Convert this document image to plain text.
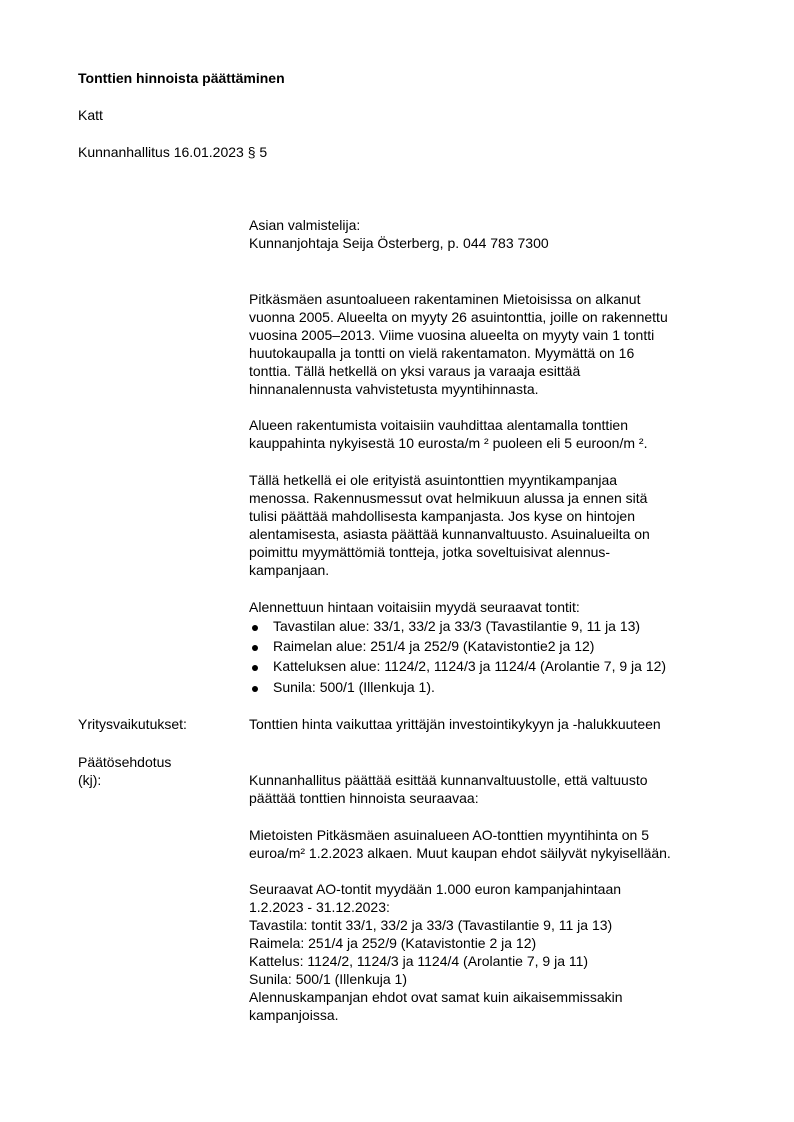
Tonttien hinnoista päättäminen
Katt
Kunnanhallitus 16.01.2023 § 5
Asian valmistelija:
Kunnanjohtaja Seija Österberg, p. 044 783 7300
Pitkäsmäen asuntoalueen rakentaminen Mietoisissa on alkanut
vuonna 2005. Alueelta on myyty 26 asuintonttia, joille on rakennettu
vuosina 2005–2013. Viime vuosina alueelta on myyty vain 1 tontti
huutokaupalla ja tontti on vielä rakentamaton. Myymättä on 16
tonttia. Tällä hetkellä on yksi varaus ja varaaja esittää
hinnanalennusta vahvistetusta myyntihinnasta.
Alueen rakentumista voitaisiin vauhdittaa alentamalla tonttien
kauppahinta nykyisestä 10 eurosta/m ² puoleen eli 5 euroon/m ².
Tällä hetkellä ei ole erityistä asuintonttien myyntikampanjaa
menossa. Rakennusmessut ovat helmikuun alussa ja ennen sitä
tulisi päättää mahdollisesta kampanjasta. Jos kyse on hintojen
alentamisesta, asiasta päättää kunnanvaltuusto. Asuinalueilta on
poimittu myymättömiä tontteja, jotka soveltuisivat alennus-
kampanjaan.
Alennettuun hintaan voitaisiin myydä seuraavat tontit:
Tavastilan alue: 33/1, 33/2 ja 33/3 (Tavastilantie 9, 11 ja 13)
Raimelan alue: 251/4 ja 252/9 (Katavistontie2 ja 12)
Katteluksen alue: 1124/2, 1124/3 ja 1124/4 (Arolantie 7, 9 ja 12)
Sunila: 500/1 (Illenkuja 1).
Yritysvaikutukset:	Tonttien hinta vaikuttaa yrittäjän investointikykyyn ja -halukkuuteen
Päätösehdotus
(kj):	Kunnanhallitus päättää esittää kunnanvaltuustolle, että valtuusto
päättää tonttien hinnoista seuraavaa:
Mietoisten Pitkäsmäen asuinalueen AO-tonttien myyntihinta on 5
euroa/m² 1.2.2023 alkaen. Muut kaupan ehdot säilyvät nykyisellään.
Seuraavat AO-tontit myydään 1.000 euron kampanjahintaan
1.2.2023 - 31.12.2023:
Tavastila: tontit 33/1, 33/2 ja 33/3 (Tavastilantie 9, 11 ja 13)
Raimela: 251/4 ja 252/9 (Katavistontie 2 ja 12)
Kattelus: 1124/2, 1124/3 ja 1124/4 (Arolantie 7, 9 ja 11)
Sunila: 500/1 (Illenkuja 1)
Alennuskampanjan ehdot ovat samat kuin aikaisemmissakin
kampanjoissa.
